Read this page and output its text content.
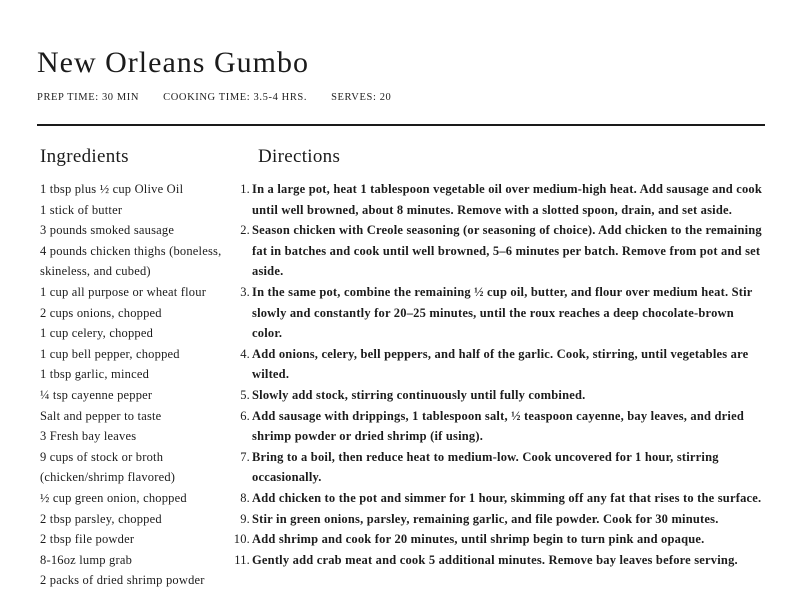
New Orleans Gumbo
PREP TIME: 30 MIN COOKING TIME: 3.5-4 HRS. SERVES: 20
Ingredients
1 tbsp plus ½ cup Olive Oil
1 stick of butter
3 pounds smoked sausage
4 pounds chicken thighs (boneless, skineless, and cubed)
1 cup all purpose or wheat flour
2 cups onions, chopped
1 cup celery, chopped
1 cup bell pepper, chopped
1 tbsp garlic, minced
¼ tsp cayenne pepper
Salt and pepper to taste
3 Fresh bay leaves
9 cups of stock or broth (chicken/shrimp flavored)
½ cup green onion, chopped
2 tbsp parsley, chopped
2 tbsp file powder
8-16oz lump grab
2 packs of dried shrimp powder
Directions
In a large pot, heat 1 tablespoon vegetable oil over medium-high heat. Add sausage and cook until well browned, about 8 minutes. Remove with a slotted spoon, drain, and set aside.
Season chicken with Creole seasoning (or seasoning of choice). Add chicken to the remaining fat in batches and cook until well browned, 5–6 minutes per batch. Remove from pot and set aside.
In the same pot, combine the remaining ½ cup oil, butter, and flour over medium heat. Stir slowly and constantly for 20–25 minutes, until the roux reaches a deep chocolate-brown color.
Add onions, celery, bell peppers, and half of the garlic. Cook, stirring, until vegetables are wilted.
Slowly add stock, stirring continuously until fully combined.
Add sausage with drippings, 1 tablespoon salt, ½ teaspoon cayenne, bay leaves, and dried shrimp powder or dried shrimp (if using).
Bring to a boil, then reduce heat to medium-low. Cook uncovered for 1 hour, stirring occasionally.
Add chicken to the pot and simmer for 1 hour, skimming off any fat that rises to the surface.
Stir in green onions, parsley, remaining garlic, and file powder. Cook for 30 minutes.
Add shrimp and cook for 20 minutes, until shrimp begin to turn pink and opaque.
Gently add crab meat and cook 5 additional minutes. Remove bay leaves before serving.
